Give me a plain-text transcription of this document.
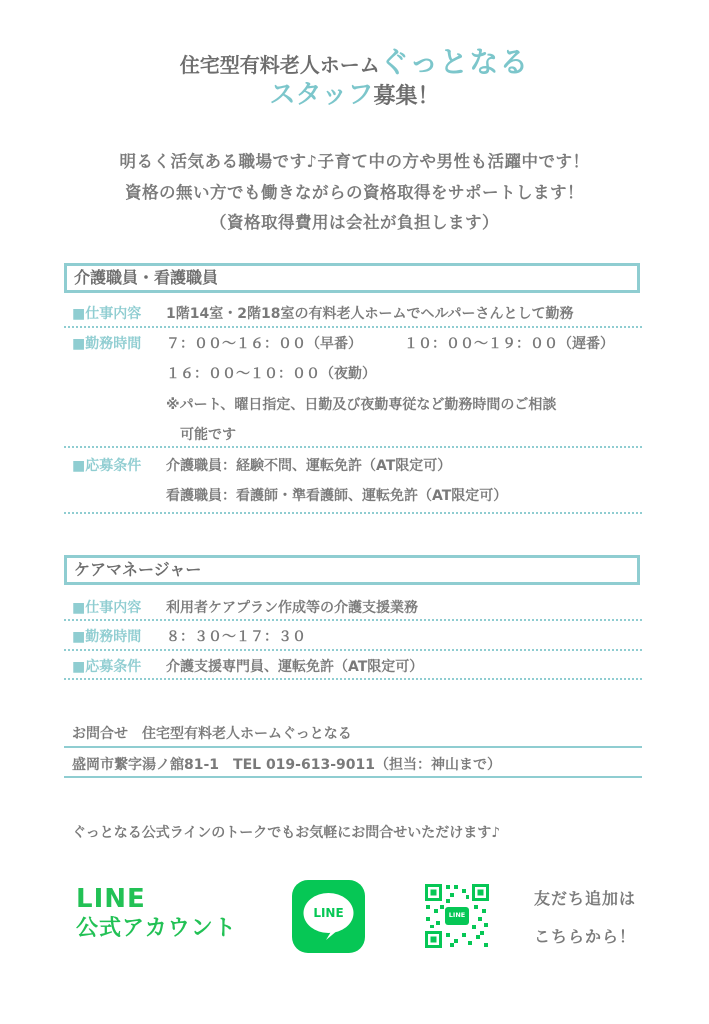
住宅型有料老人ホームぐっとなる
スタッフ募集！
明るく活気ある職場です♪子育て中の方や男性も活躍中です！
資格の無い方でも働きながらの資格取得をサポートします！
（資格取得費用は会社が負担します）
介護職員・看護職員
■仕事内容 1階14室・2階18室の有料老人ホームでヘルパーさんとして勤務
■勤務時間 ７：００～１６：００（早番）	１０：００～１９：００（遅番）
１６：００～１０：００（夜勤）
※パート、曜日指定、日勤及び夜勤専従など勤務時間のご相談
可能です
■応募条件 介護職員：経験不問、運転免許（AT限定可）
看護職員：看護師・準看護師、運転免許（AT限定可）
ケアマネージャー
■仕事内容 利用者ケアプラン作成等の介護支援業務
■勤務時間 ８：３０～１７：３０
■応募条件 介護支援専門員、運転免許（AT限定可）
お問合せ　住宅型有料老人ホームぐっとなる
盛岡市繋字湯ノ舘81-1　TEL 019-613-9011（担当：神山まで）
ぐっとなる公式ラインのトークでもお気軽にお問合せいただけます♪
LINE
公式アカウント
LINE	LINE
友だち追加は
こちらから！
